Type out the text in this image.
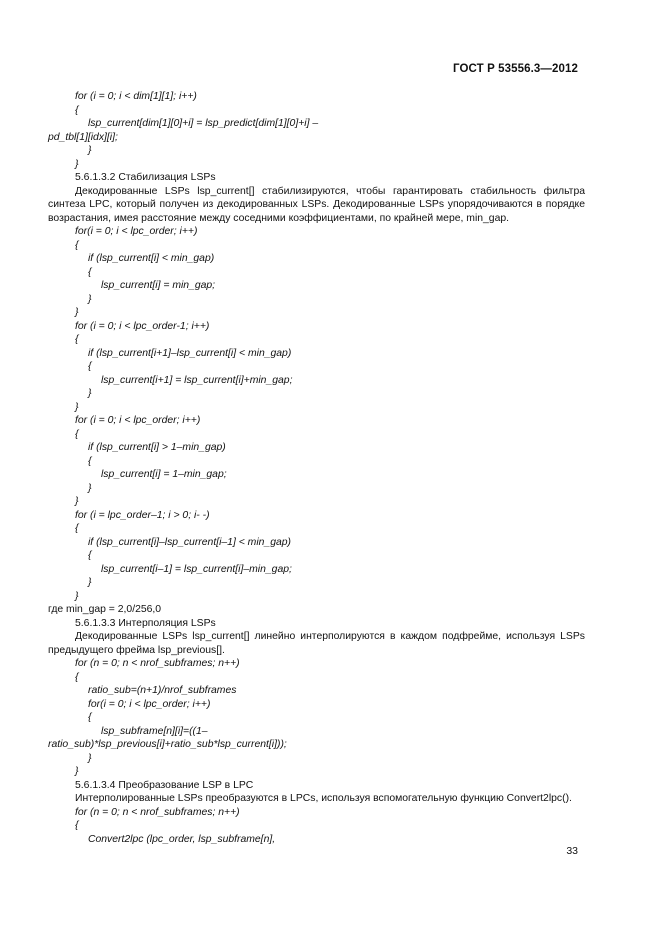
ГОСТ Р 53556.3—2012
for (i = 0; i < dim[1][1]; i++)
{
lsp_current[dim[1][0]+i] = lsp_predict[dim[1][0]+i] –
pd_tbl[1][idx][i];
}
}
5.6.1.3.2 Стабилизация LSPs
Декодированные LSPs lsp_current[] стабилизируются, чтобы гарантировать стабильность фильтра синтеза LPC, который получен из декодированных LSPs. Декодированные LSPs упорядочиваются в порядке возрастания, имея расстояние между соседними коэффициентами, по крайней мере, min_gap.
for(i = 0; i < lpc_order; i++)
{
if (lsp_current[i] < min_gap)
{
lsp_current[i] = min_gap;
}
}
for (i = 0; i < lpc_order-1; i++)
{
if (lsp_current[i+1]–lsp_current[i] < min_gap)
{
lsp_current[i+1] = lsp_current[i]+min_gap;
}
}
for (i = 0; i < lpc_order; i++)
{
if (lsp_current[i] > 1–min_gap)
{
lsp_current[i] = 1–min_gap;
}
}
for (i = lpc_order–1; i > 0; i- -)
{
if (lsp_current[i]–lsp_current[i–1] < min_gap)
{
lsp_current[i–1] = lsp_current[i]–min_gap;
}
}
где min_gap = 2,0/256,0
5.6.1.3.3 Интерполяция LSPs
Декодированные LSPs lsp_current[] линейно интерполируются в каждом подфрейме, используя LSPs предыдущего фрейма lsp_previous[].
for (n = 0; n < nrof_subframes; n++)
{
ratio_sub=(n+1)/nrof_subframes
for(i = 0; i < lpc_order; i++)
{
lsp_subframe[n][i]=((1–
ratio_sub)*lsp_previous[i]+ratio_sub*lsp_current[i]));
}
}
5.6.1.3.4 Преобразование LSP в LPC
Интерполированные LSPs преобразуются в LPCs, используя вспомогательную функцию Convert2lpc().
for (n = 0; n < nrof_subframes; n++)
{
Convert2lpc (lpc_order, lsp_subframe[n],
33
